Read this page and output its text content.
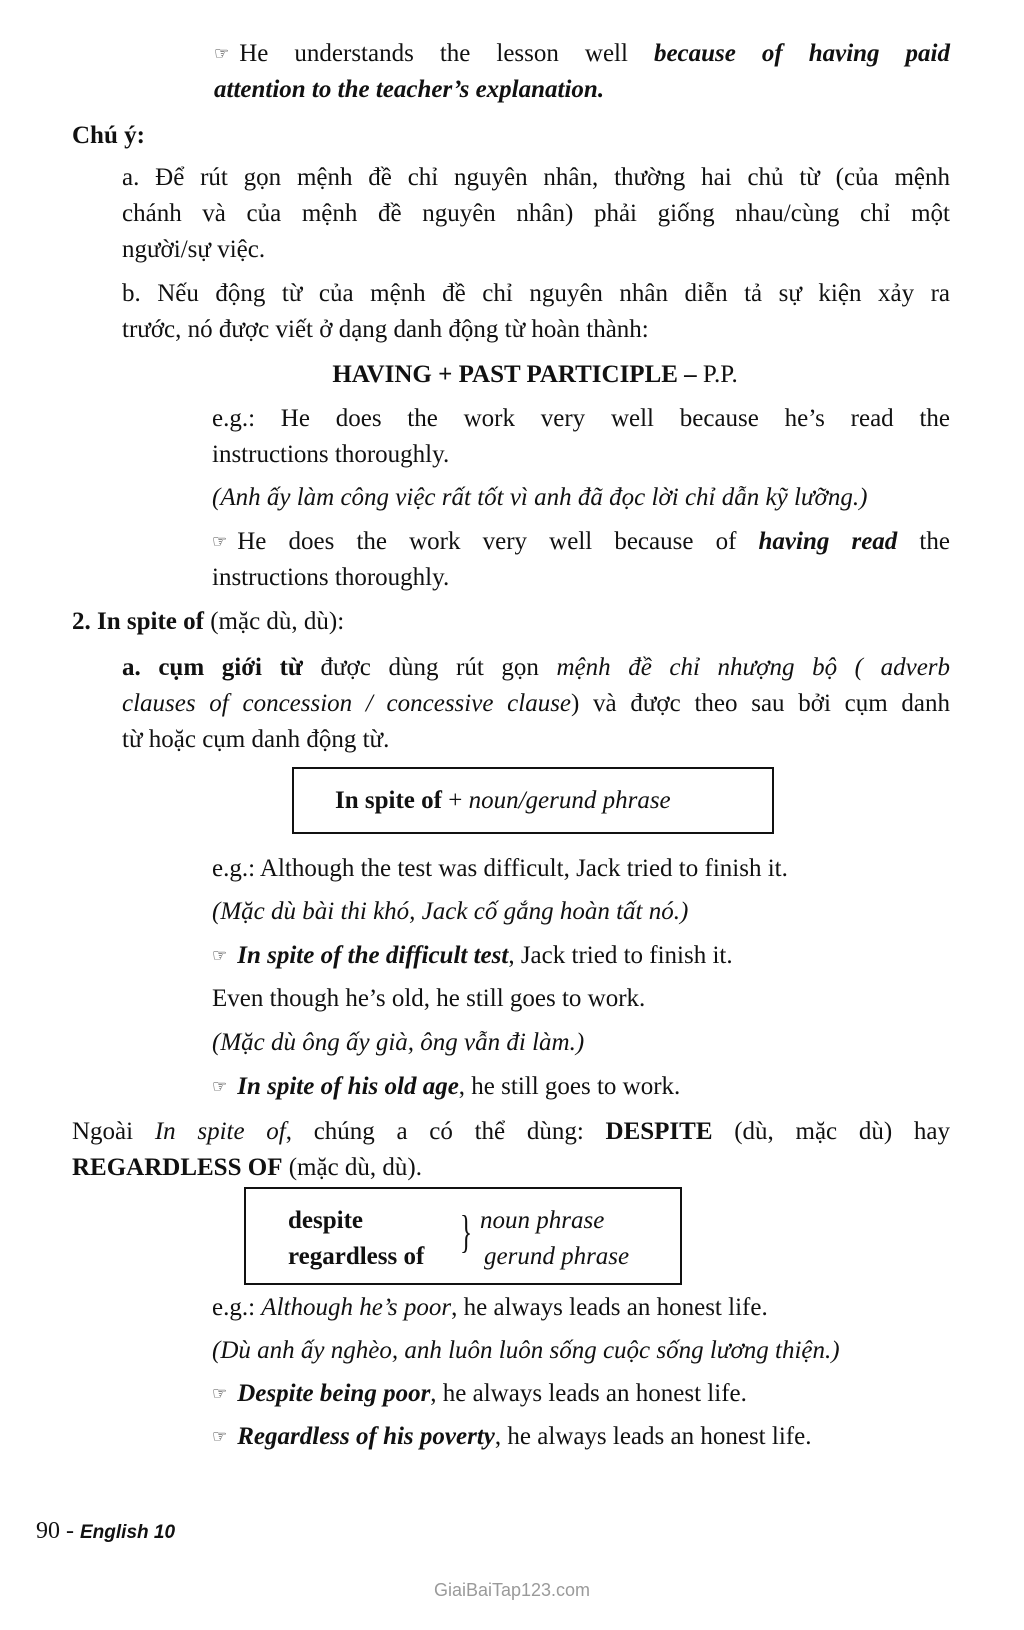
☞ He understands the lesson well because of having paid
attention to the teacher’s explanation.
Chú ý:
a. Để rút gọn mệnh đề chỉ nguyên nhân, thường hai chủ từ (của mệnh
chánh và của mệnh đề nguyên nhân) phải giống nhau/cùng chỉ một
người/sự việc.
b. Nếu động từ của mệnh đề chỉ nguyên nhân diễn tả sự kiện xảy ra
trước, nó được viết ở dạng danh động từ hoàn thành:
HAVING + PAST PARTICIPLE – P.P.
e.g.: He does the work very well because he’s read the
instructions thoroughly.
(Anh ấy làm công việc rất tốt vì anh đã đọc lời chỉ dẫn kỹ lưỡng.)
☞ He does the work very well because of having read the
instructions thoroughly.
2. In spite of (mặc dù, dù):
a. cụm giới từ được dùng rút gọn mệnh đề chỉ nhượng bộ ( adverb
clauses of concession / concessive clause) và được theo sau bởi cụm danh
từ hoặc cụm danh động từ.
In spite of + noun/gerund phrase
e.g.: Although the test was difficult, Jack tried to finish it.
(Mặc dù bài thi khó, Jack cố gắng hoàn tất nó.)
☞ In spite of the difficult test, Jack tried to finish it.
Even though he’s old, he still goes to work.
(Mặc dù ông ấy già, ông vẫn đi làm.)
☞ In spite of his old age, he still goes to work.
Ngoài In spite of, chúng a có thể dùng: DESPITE (dù, mặc dù) hay
REGARDLESS OF (mặc dù, dù).
despite
regardless of } noun phrase
gerund phrase
e.g.: Although he’s poor, he always leads an honest life.
(Dù anh ấy nghèo, anh luôn luôn sống cuộc sống lương thiện.)
☞ Despite being poor, he always leads an honest life.
☞ Regardless of his poverty, he always leads an honest life.
90 - English 10
GiaiBaiTap123.com
